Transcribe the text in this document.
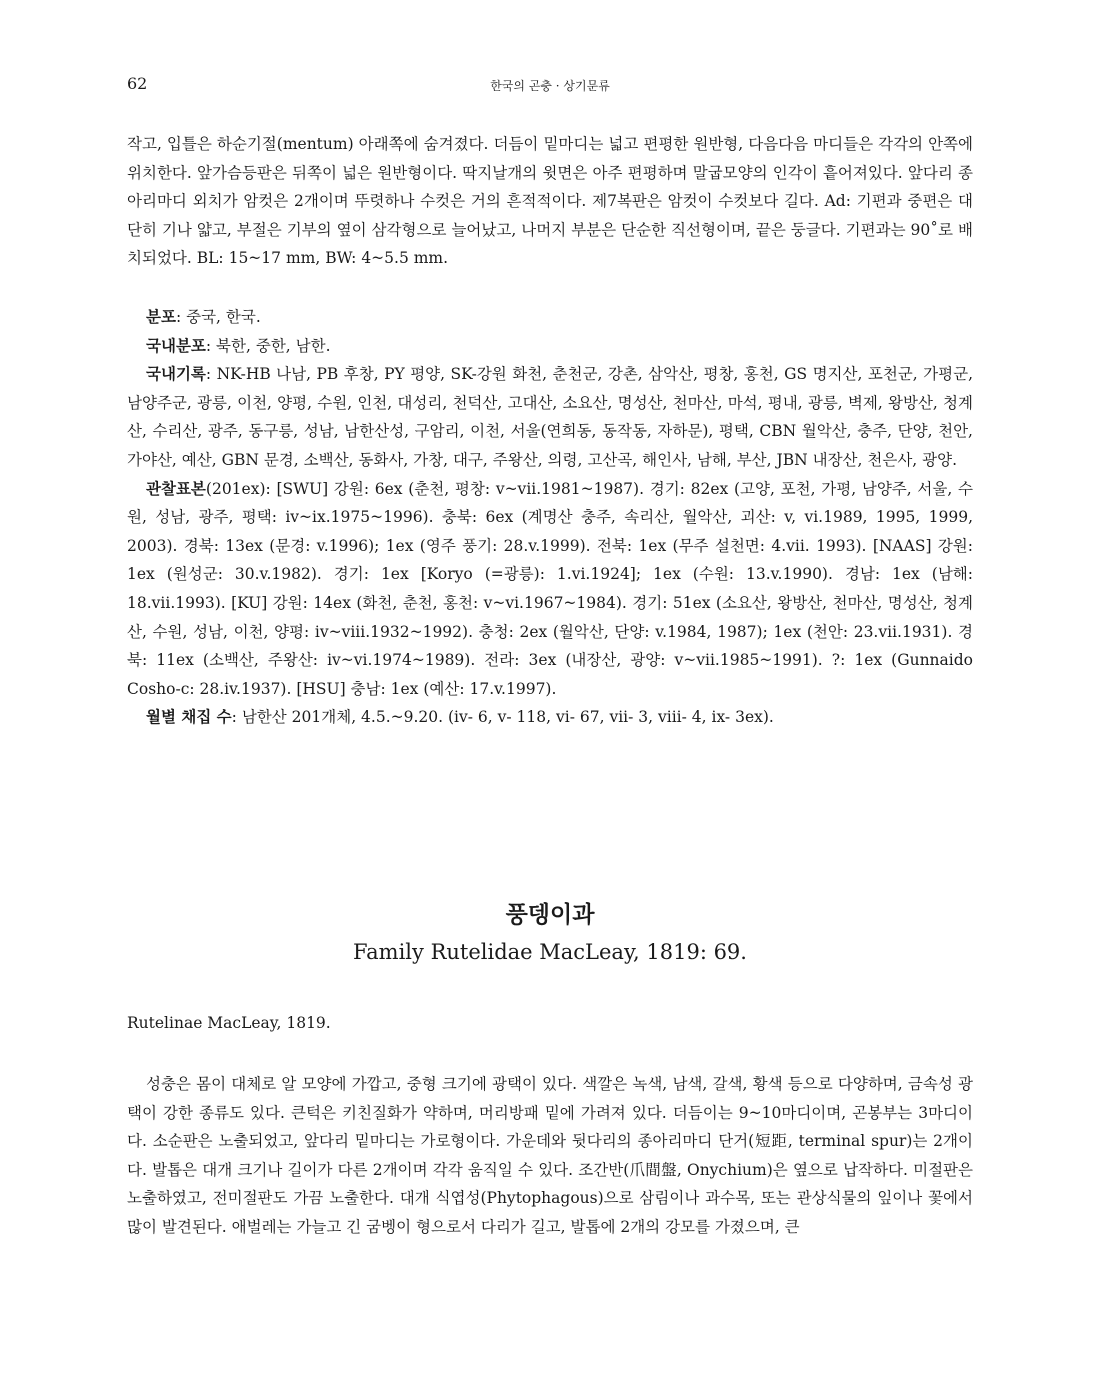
62	한국의 곤충 · 상기문류

작고, 입틀은 하순기절(mentum) 아래쪽에 숨겨졌다. 더듬이 밑마디는 넓고 편평한 원반형, 다음다음 마디들은 각각의 안쪽에 위치한다. 앞가슴등판은 뒤쪽이 넓은 원반형이다. 딱지날개의 윗면은 아주 편평하며 말굽모양의 인각이 흩어져있다. 앞다리 종아리마디 외치가 암컷은 2개이며 뚜렷하나 수컷은 거의 흔적적이다. 제7복판은 암컷이 수컷보다 길다. Ad: 기편과 중편은 대단히 기나 얇고, 부절은 기부의 옆이 삼각형으로 늘어났고, 나머지 부분은 단순한 직선형이며, 끝은 둥글다. 기편과는 90˚로 배치되었다. BL: 15~17 mm, BW: 4~5.5 mm.

분포: 중국, 한국.

국내분포: 북한, 중한, 남한.

국내기록: NK-HB 나남, PB 후창, PY 평양, SK-강원 화천, 춘천군, 강촌, 삼악산, 평창, 홍천, GS 명지산, 포천군, 가평군, 남양주군, 광릉, 이천, 양평, 수원, 인천, 대성리, 천덕산, 고대산, 소요산, 명성산, 천마산, 마석, 평내, 광릉, 벽제, 왕방산, 청계산, 수리산, 광주, 동구릉, 성남, 남한산성, 구암리, 이천, 서울(연희동, 동작동, 자하문), 평택, CBN 월악산, 충주, 단양, 천안, 가야산, 예산, GBN 문경, 소백산, 동화사, 가창, 대구, 주왕산, 의령, 고산곡, 해인사, 남해, 부산, JBN 내장산, 천은사, 광양.

관찰표본(201ex): [SWU] 강원: 6ex (춘천, 평창: v~vii.1981~1987). 경기: 82ex (고양, 포천, 가평, 남양주, 서울, 수원, 성남, 광주, 평택: iv~ix.1975~1996). 충북: 6ex (계명산 충주, 속리산, 월악산, 괴산: v, vi.1989, 1995, 1999, 2003). 경북: 13ex (문경: v.1996); 1ex (영주 풍기: 28.v.1999). 전북: 1ex (무주 설천면: 4.vii. 1993). [NAAS] 강원: 1ex (원성군: 30.v.1982). 경기: 1ex [Koryo (=광릉): 1.vi.1924]; 1ex (수원: 13.v.1990). 경남: 1ex (남해: 18.vii.1993). [KU] 강원: 14ex (화천, 춘천, 홍천: v~vi.1967~1984). 경기: 51ex (소요산, 왕방산, 천마산, 명성산, 청계산, 수원, 성남, 이천, 양평: iv~viii.1932~1992). 충청: 2ex (월악산, 단양: v.1984, 1987); 1ex (천안: 23.vii.1931). 경북: 11ex (소백산, 주왕산: iv~vi.1974~1989). 전라: 3ex (내장산, 광양: v~vii.1985~1991). ?: 1ex (Gunnaido Cosho-c: 28.iv.1937). [HSU] 충남: 1ex (예산: 17.v.1997).

월별 채집 수: 남한산 201개체, 4.5.~9.20. (iv- 6, v- 118, vi- 67, vii- 3, viii- 4, ix- 3ex).

풍뎅이과
Family Rutelidae MacLeay, 1819: 69.
Rutelinae MacLeay, 1819.

성충은 몸이 대체로 알 모양에 가깝고, 중형 크기에 광택이 있다. 색깔은 녹색, 남색, 갈색, 황색 등으로 다양하며, 금속성 광택이 강한 종류도 있다. 큰턱은 키친질화가 약하며, 머리방패 밑에 가려져 있다. 더듬이는 9~10마디이며, 곤봉부는 3마디이다. 소순판은 노출되었고, 앞다리 밑마디는 가로형이다. 가운데와 뒷다리의 종아리마디 단거(短距, terminal spur)는 2개이다. 발톱은 대개 크기나 길이가 다른 2개이며 각각 움직일 수 있다. 조간반(爪間盤, Onychium)은 옆으로 납작하다. 미절판은 노출하였고, 전미절판도 가끔 노출한다. 대개 식엽성(Phytophagous)으로 삼림이나 과수목, 또는 관상식물의 잎이나 꽃에서 많이 발견된다. 애벌레는 가늘고 긴 굼벵이 형으로서 다리가 길고, 발톱에 2개의 강모를 가졌으며, 큰
